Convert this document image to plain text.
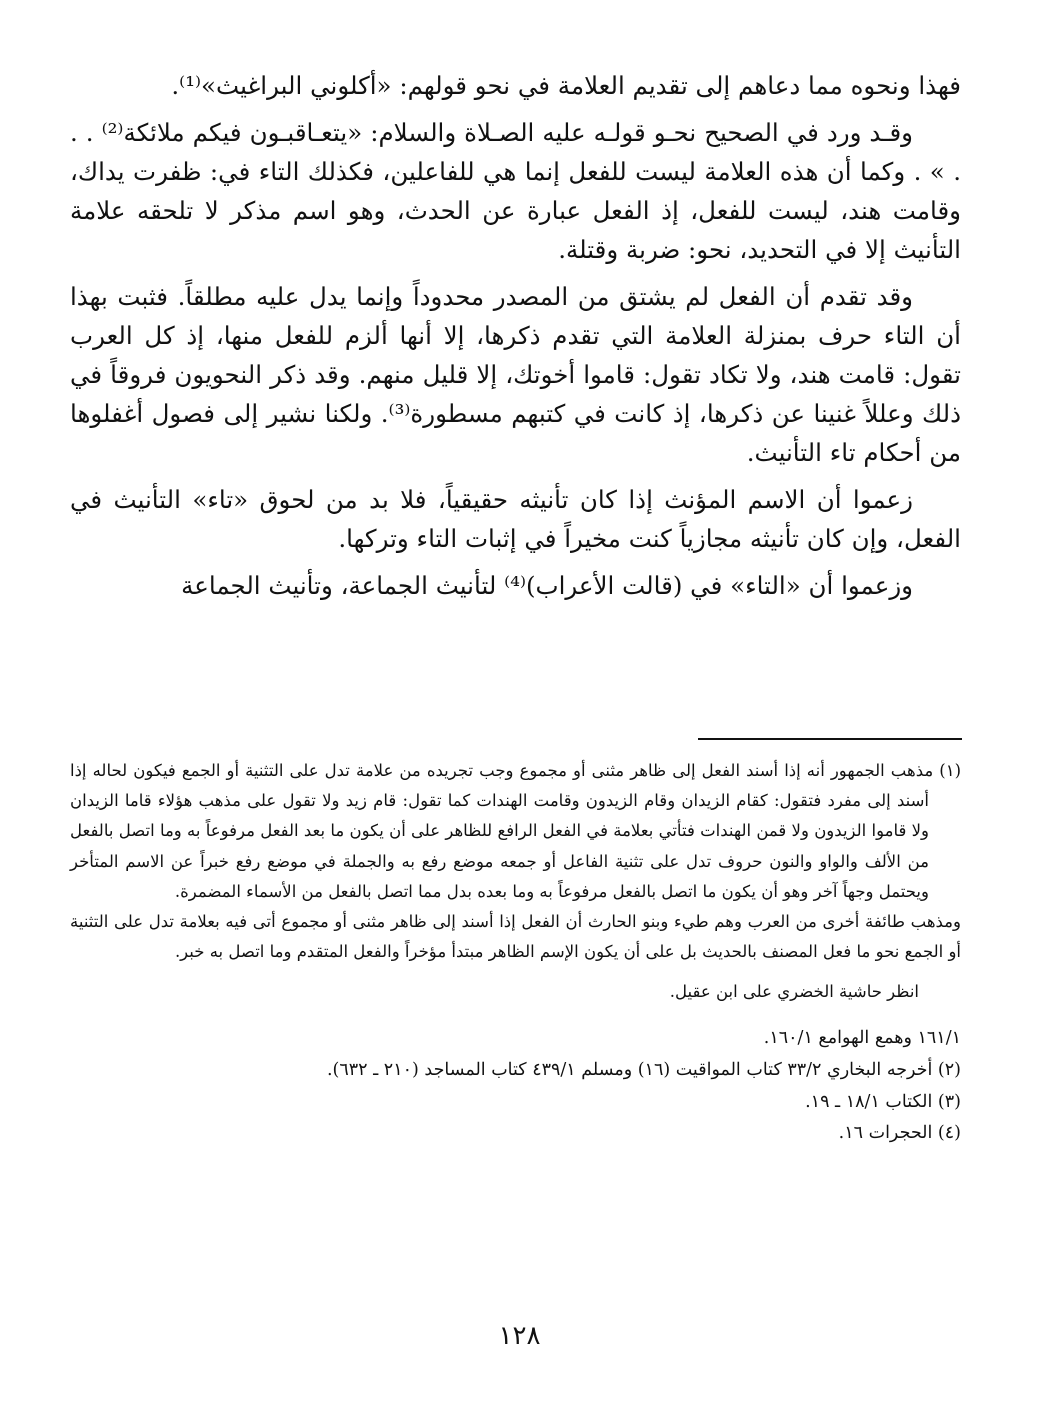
فهذا ونحوه مما دعاهم إلى تقديم العلامة في نحو قولهم: «أكلوني البراغيث»⁽¹⁾.

وقـد ورد في الصحيح نحـو قولـه عليه الصـلاة والسلام: «يتعـاقبـون فيكم ملائكة⁽²⁾ . . . » . وكما أن هذه العلامة ليست للفعل إنما هي للفاعلين، فكذلك التاء في: ظفرت يداك، وقامت هند، ليست للفعل، إذ الفعل عبارة عن الحدث، وهو اسم مذكر لا تلحقه علامة التأنيث إلا في التحديد، نحو: ضربة وقتلة.

وقد تقدم أن الفعل لم يشتق من المصدر محدوداً وإنما يدل عليه مطلقاً. فثبت بهذا أن التاء حرف بمنزلة العلامة التي تقدم ذكرها، إلا أنها ألزم للفعل منها، إذ كل العرب تقول: قامت هند، ولا تكاد تقول: قاموا أخوتك، إلا قليل منهم. وقد ذكر النحويون فروقاً في ذلك وعللاً غنينا عن ذكرها، إذ كانت في كتبهم مسطورة⁽³⁾. ولكنا نشير إلى فصول أغفلوها من أحكام تاء التأنيث.

زعموا أن الاسم المؤنث إذا كان تأنيثه حقيقياً، فلا بد من لحوق «تاء» التأنيث في الفعل، وإن كان تأنيثه مجازياً كنت مخيراً في إثبات التاء وتركها.

وزعموا أن «التاء» في (قالت الأعراب)⁽⁴⁾ لتأنيث الجماعة، وتأنيث الجماعة

(١) مذهب الجمهور أنه إذا أسند الفعل إلى ظاهر مثنى أو مجموع وجب تجريده من علامة تدل على التثنية أو الجمع فيكون لحاله إذا أسند إلى مفرد فتقول: كقام الزيدان وقام الزيدون وقامت الهندات كما تقول: قام زيد ولا تقول على مذهب هؤلاء قاما الزيدان ولا قاموا الزيدون ولا قمن الهندات فتأتي بعلامة في الفعل الرافع للظاهر على أن يكون ما بعد الفعل مرفوعاً به وما اتصل بالفعل من الألف والواو والنون حروف تدل على تثنية الفاعل أو جمعه موضع رفع به والجملة في موضع رفع خبراً عن الاسم المتأخر ويحتمل وجهاً آخر وهو أن يكون ما اتصل بالفعل مرفوعاً به وما بعده بدل مما اتصل بالفعل من الأسماء المضمرة.

ومذهب طائفة أخرى من العرب وهم طيء وبنو الحارث أن الفعل إذا أسند إلى ظاهر مثنى أو مجموع أتى فيه بعلامة تدل على التثنية أو الجمع نحو ما فعل المصنف بالحديث بل على أن يكون الإسم الظاهر مبتدأ مؤخراً والفعل المتقدم وما اتصل به خبر.

انظر حاشية الخضري على ابن عقيل.

١٦١/١ وهمع الهوامع ١٦٠/١.

(٢) أخرجه البخاري ٣٣/٢ كتاب المواقيت (١٦) ومسلم ٤٣٩/١ كتاب المساجد (٢١٠ ـ ٦٣٢).

(٣) الكتاب ١٨/١ ـ ١٩.

(٤) الحجرات ١٦.

١٢٨
